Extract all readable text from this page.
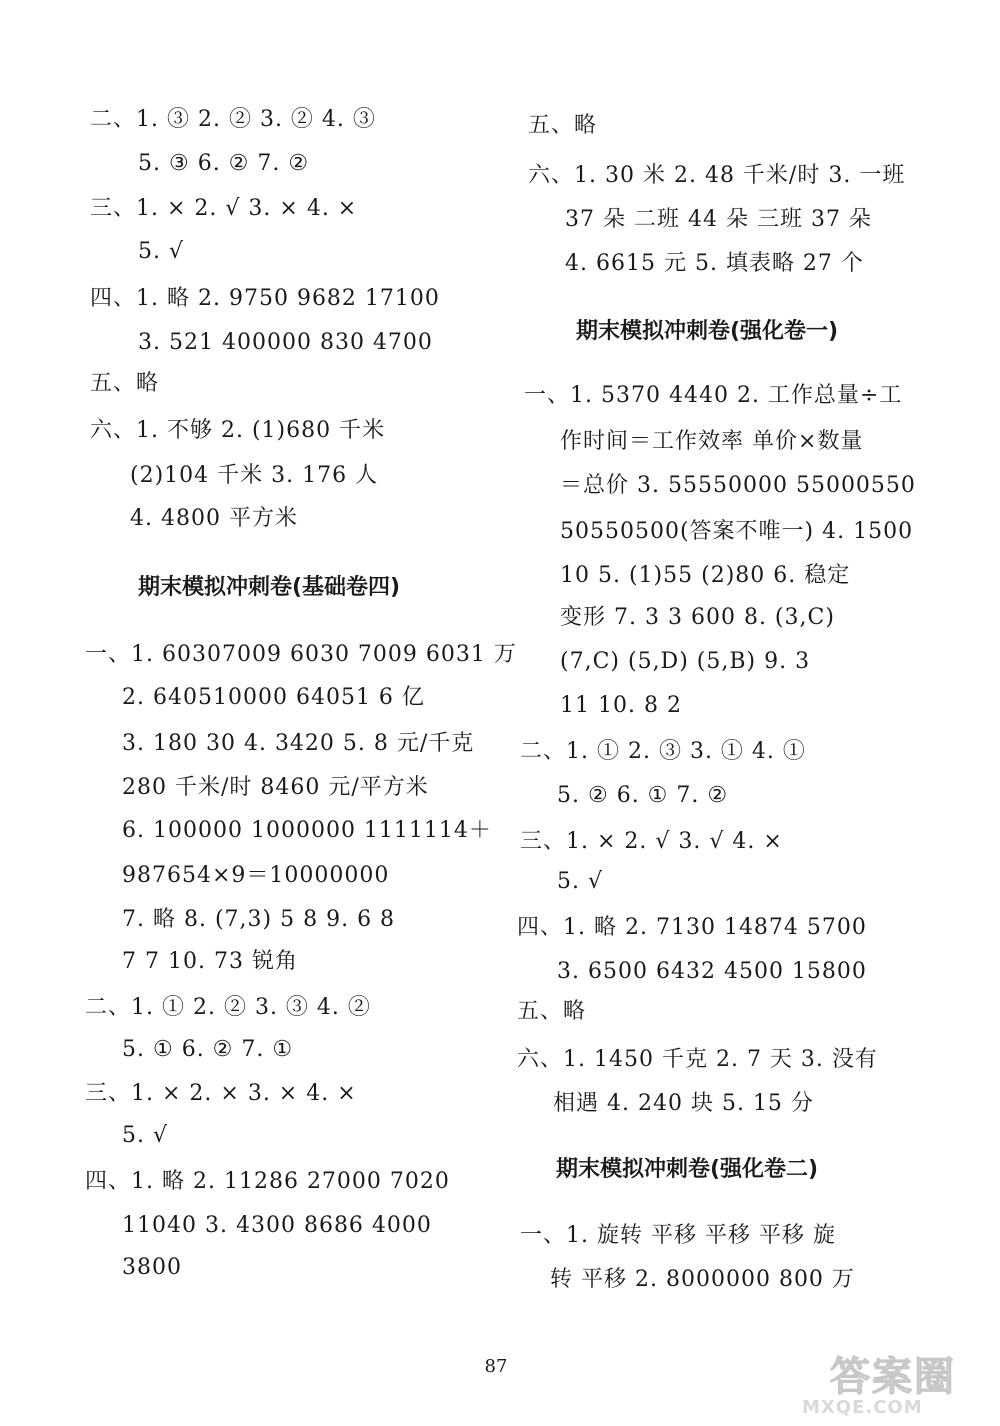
二、1. ③ 2. ② 3. ② 4. ③
5. ③ 6. ② 7. ②
三、1. × 2. √ 3. × 4. ×
5. √
四、1. 略 2. 9750 9682 17100
3. 521 400000 830 4700
五、略
六、1. 不够 2. (1)680 千米
(2)104 千米 3. 176 人
4. 4800 平方米
期末模拟冲刺卷(基础卷四)
一、1. 60307009 6030 7009 6031 万
2. 640510000 64051 6 亿
3. 180 30 4. 3420 5. 8 元/千克
280 千米/时 8460 元/平方米
6. 100000 1000000 1111114＋
987654×9＝10000000
7. 略 8. (7,3) 5 8 9. 6 8
7 7 10. 73 锐角
二、1. ① 2. ② 3. ③ 4. ②
5. ① 6. ② 7. ①
三、1. × 2. × 3. × 4. ×
5. √
四、1. 略 2. 11286 27000 7020
11040 3. 4300 8686 4000
3800
五、略
六、1. 30 米 2. 48 千米/时 3. 一班
37 朵 二班 44 朵 三班 37 朵
4. 6615 元 5. 填表略 27 个
期末模拟冲刺卷(强化卷一)
一、1. 5370 4440 2. 工作总量÷工
作时间＝工作效率 单价×数量
＝总价 3. 55550000 55000550
50550500(答案不唯一) 4. 1500
10 5. (1)55 (2)80 6. 稳定
变形 7. 3 3 600 8. (3,C)
(7,C) (5,D) (5,B) 9. 3
11 10. 8 2
二、1. ① 2. ③ 3. ① 4. ①
5. ② 6. ① 7. ②
三、1. × 2. √ 3. √ 4. ×
5. √
四、1. 略 2. 7130 14874 5700
3. 6500 6432 4500 15800
五、略
六、1. 1450 千克 2. 7 天 3. 没有
相遇 4. 240 块 5. 15 分
期末模拟冲刺卷(强化卷二)
一、1. 旋转 平移 平移 平移 旋
转 平移 2. 8000000 800 万
87	答案圈
MXQE.COM
